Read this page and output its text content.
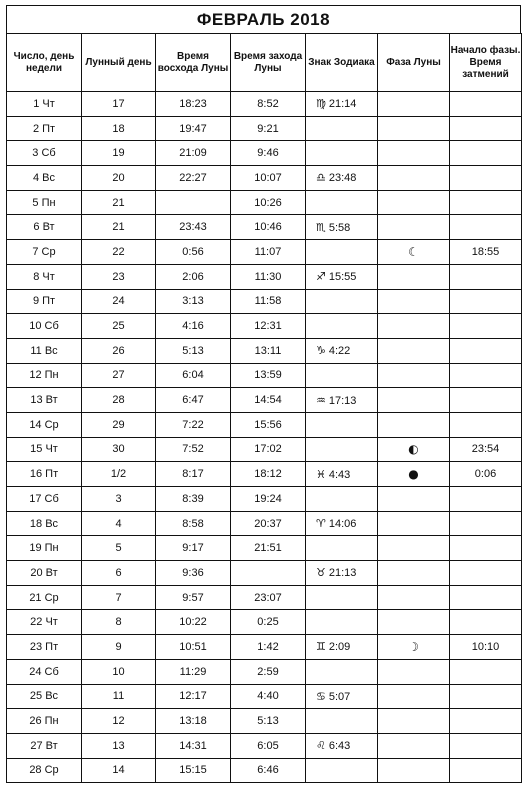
ФЕВРАЛЬ 2018
Число, день недели	Лунный день	Время восхода Луны	Время захода Луны	Знак Зодиака	Фаза Луны	Начало фазы. Время затмений
1 Чт	17	18:23	8:52	♍ 21:14		
2 Пт	18	19:47	9:21			
3 Сб	19	21:09	9:46			
4 Вс	20	22:27	10:07	♎ 23:48		
5 Пн	21		10:26			
6 Вт	21	23:43	10:46	♏ 5:58		
7 Ср	22	0:56	11:07		☾	18:55
8 Чт	23	2:06	11:30	♐ 15:55		
9 Пт	24	3:13	11:58			
10 Сб	25	4:16	12:31			
11 Вс	26	5:13	13:11	♑ 4:22		
12 Пн	27	6:04	13:59			
13 Вт	28	6:47	14:54	♒ 17:13		
14 Ср	29	7:22	15:56			
15 Чт	30	7:52	17:02		◐	23:54
16 Пт	1/2	8:17	18:12	♓ 4:43	●	0:06
17 Сб	3	8:39	19:24			
18 Вс	4	8:58	20:37	♈ 14:06		
19 Пн	5	9:17	21:51			
20 Вт	6	9:36		♉ 21:13		
21 Ср	7	9:57	23:07			
22 Чт	8	10:22	0:25			
23 Пт	9	10:51	1:42	♊ 2:09	☽	10:10
24 Сб	10	11:29	2:59			
25 Вс	11	12:17	4:40	♋ 5:07		
26 Пн	12	13:18	5:13			
27 Вт	13	14:31	6:05	♌ 6:43		
28 Ср	14	15:15	6:46			
